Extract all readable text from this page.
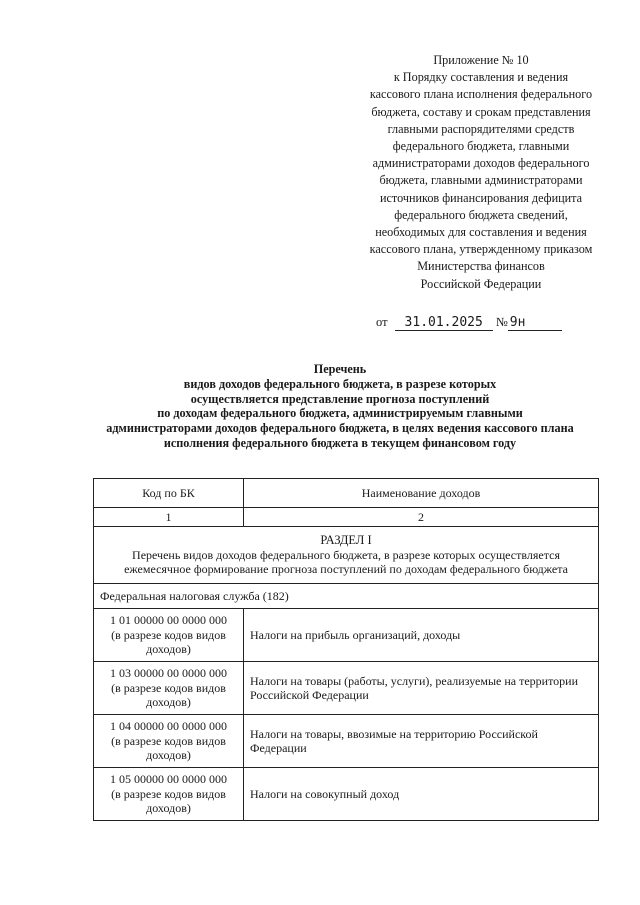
Приложение № 10
к Порядку составления и ведения
кассового плана исполнения федерального
бюджета, составу и срокам представления
главными распорядителями средств
федерального бюджета, главными
администраторами доходов федерального
бюджета, главными администраторами
источников финансирования дефицита
федерального бюджета сведений,
необходимых для составления и ведения
кассового плана, утвержденному приказом
Министерства финансов
Российской Федерации
от 31.01.2025 № 9н
Перечень
видов доходов федерального бюджета, в разрезе которых
осуществляется представление прогноза поступлений
по доходам федерального бюджета, администрируемым главными
администраторами доходов федерального бюджета, в целях ведения кассового плана
исполнения федерального бюджета в текущем финансовом году
Код по БК	Наименование доходов
1	2

РАЗДЕЛ I
Перечень видов доходов федерального бюджета, в разрезе которых осуществляется ежемесячное формирование прогноза поступлений по доходам федерального бюджета	
Федеральная налоговая служба (182)	

1 01 00000 00 0000 000
(в разрезе кодов видов доходов)	Налоги на прибыль организаций, доходы

1 03 00000 00 0000 000
(в разрезе кодов видов доходов)	Налоги на товары (работы, услуги), реализуемые на территории Российской Федерации

1 04 00000 00 0000 000
(в разрезе кодов видов доходов)	Налоги на товары, ввозимые на территорию Российской Федерации

1 05 00000 00 0000 000
(в разрезе кодов видов доходов)	Налоги на совокупный доход
